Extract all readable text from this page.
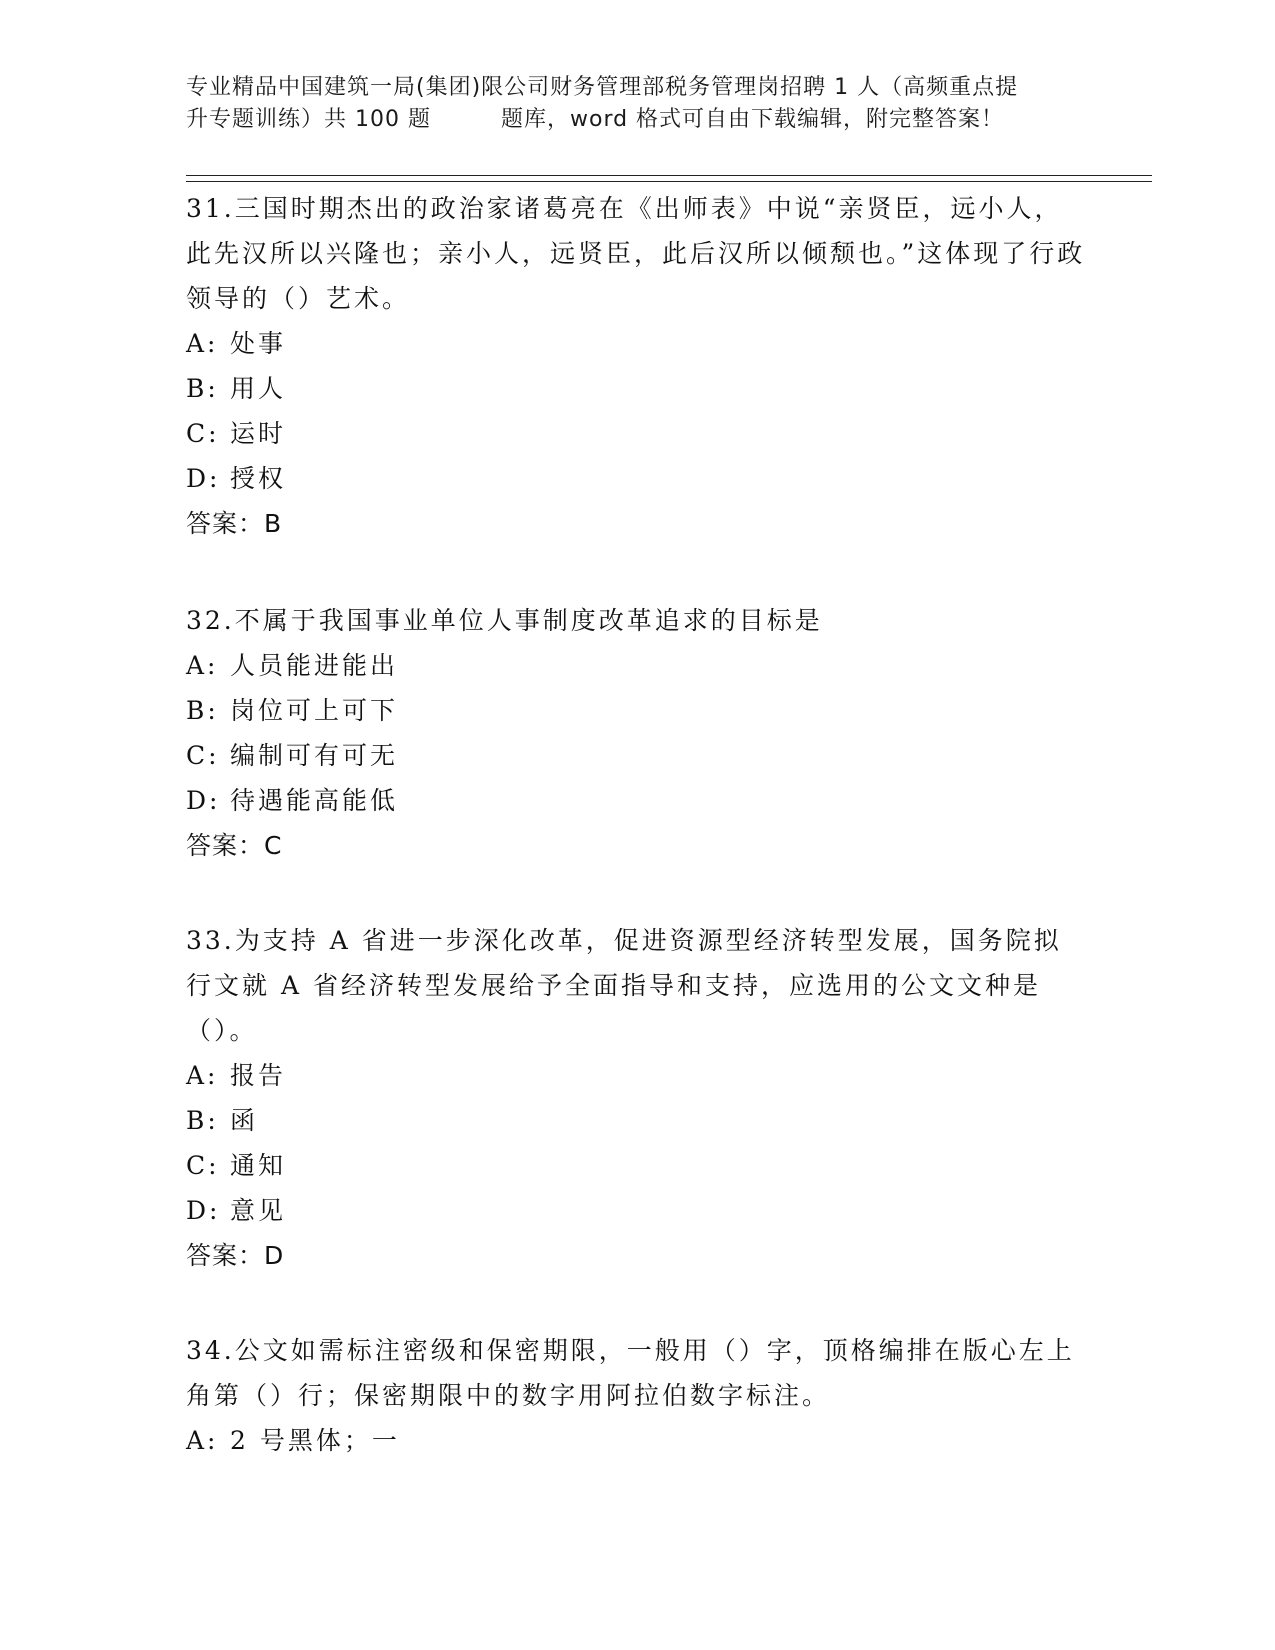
专业精品中国建筑一局(集团)限公司财务管理部税务管理岗招聘 1 人（高频重点提
升专题训练）共 100 题	题库，word 格式可自由下载编辑，附完整答案！

31.三国时期杰出的政治家诸葛亮在《出师表》中说“亲贤臣，远小人，此先汉所以兴隆也；亲小人，远贤臣，此后汉所以倾颓也。”这体现了行政领导的（）艺术。

A: 处事

B: 用人

C: 运时

D: 授权

答案：B

32.不属于我国事业单位人事制度改革追求的目标是

A: 人员能进能出

B: 岗位可上可下

C: 编制可有可无

D: 待遇能高能低

答案：C

33.为支持 A 省进一步深化改革，促进资源型经济转型发展，国务院拟行文就 A 省经济转型发展给予全面指导和支持，应选用的公文文种是（）。

A: 报告

B: 函

C: 通知

D: 意见

答案：D

34.公文如需标注密级和保密期限，一般用（）字，顶格编排在版心左上角第（）行；保密期限中的数字用阿拉伯数字标注。

A: 2 号黑体；一
